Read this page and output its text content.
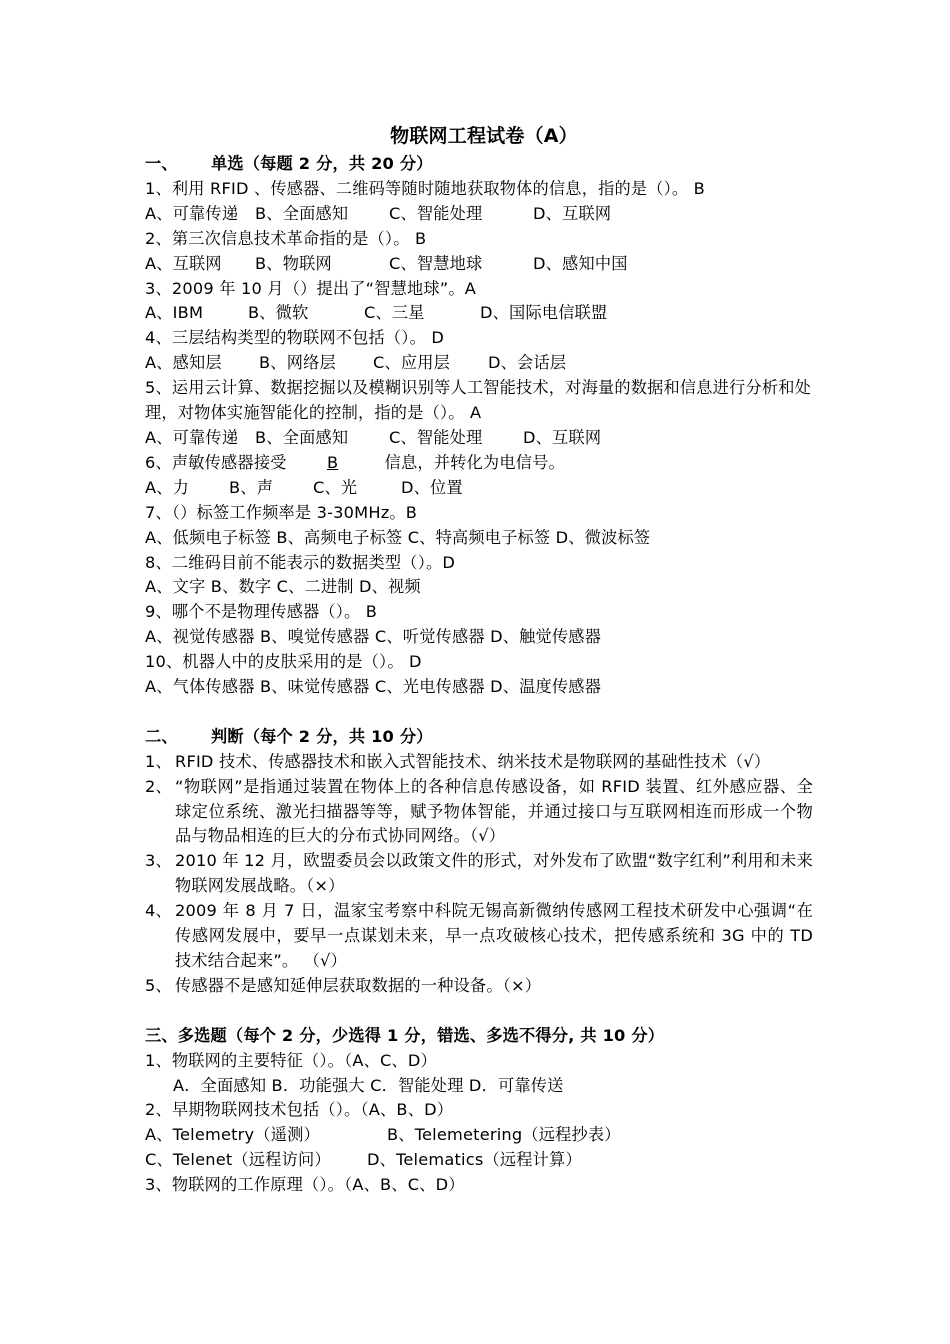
物联网工程试卷（A）
一、 单选（每题 2 分，共 20 分）
1、利用 RFID 、传感器、二维码等随时随地获取物体的信息，指的是（）。 B
A、可靠传递 B、全面感知	C、智能处理	D、互联网
2、第三次信息技术革命指的是（）。 B
A、互联网 B、物联网	C、智慧地球	D、感知中国
3、2009 年 10 月（）提出了“智慧地球”。A
A、IBM	B、微软	C、三星	D、国际电信联盟
4、三层结构类型的物联网不包括（）。 D
A、感知层 B、网络层 C、应用层 D、会话层
5、运用云计算、数据挖掘以及模糊识别等人工智能技术，对海量的数据和信息进行分析和处理，对物体实施智能化的控制，指的是（）。 A
A、可靠传递 B、全面感知	C、智能处理	D、互联网
6、声敏传感器接受 B	信息，并转化为电信号。
A、力 B、声 C、光	D、位置
7、（）标签工作频率是 3-30MHz。B
A、低频电子标签 B、高频电子标签 C、特高频电子标签 D、微波标签
8、二维码目前不能表示的数据类型（）。D
A、文字 B、数字 C、二进制 D、视频
9、哪个不是物理传感器（）。 B
A、视觉传感器 B、嗅觉传感器 C、听觉传感器 D、触觉传感器
10、机器人中的皮肤采用的是（）。 D
A、气体传感器 B、味觉传感器 C、光电传感器 D、温度传感器
二、 判断（每个 2 分，共 10 分）
1、 RFID 技术、传感器技术和嵌入式智能技术、纳米技术是物联网的基础性技术（√）
2、 “物联网”是指通过装置在物体上的各种信息传感设备，如 RFID 装置、红外感应器、全球定位系统、激光扫描器等等，赋予物体智能，并通过接口与互联网相连而形成一个物品与物品相连的巨大的分布式协同网络。（√）
3、 2010 年 12 月，欧盟委员会以政策文件的形式，对外发布了欧盟“数字红利”利用和未来物联网发展战略。（×）
4、 2009 年 8 月 7 日，温家宝考察中科院无锡高新微纳传感网工程技术研发中心强调“在传感网发展中，要早一点谋划未来，早一点攻破核心技术，把传感系统和 3G 中的 TD 技术结合起来”。 （√）
5、 传感器不是感知延伸层获取数据的一种设备。（×）
三、多选题（每个 2 分，少选得 1 分，错选、多选不得分, 共 10 分）
1、物联网的主要特征（）。（A、C、D）
A．全面感知 B．功能强大 C．智能处理 D．可靠传送
2、早期物联网技术包括（）。（A、B、D）
A、Telemetry（遥测）	B、Telemetering（远程抄表）
C、Telenet（远程访问） D、Telematics（远程计算）
3、物联网的工作原理（）。（A、B、C、D）
